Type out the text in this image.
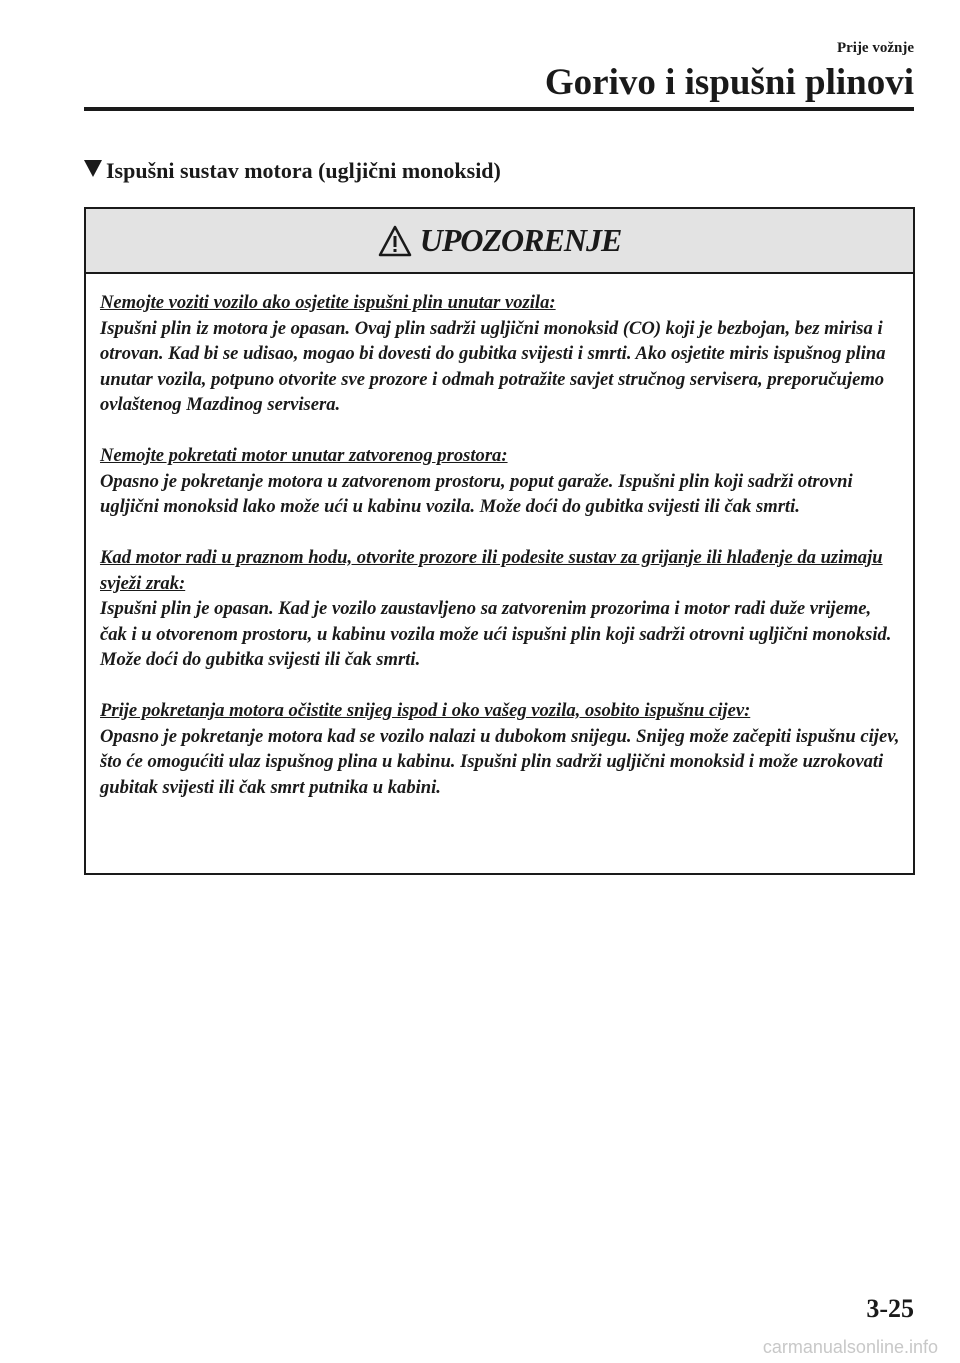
Prije vožnje
Gorivo i ispušni plinovi
Ispušni sustav motora (ugljični monoksid)
UPOZORENJE
Nemojte voziti vozilo ako osjetite ispušni plin unutar vozila:
Ispušni plin iz motora je opasan. Ovaj plin sadrži ugljični monoksid (CO) koji je bezbojan, bez mirisa i otrovan. Kad bi se udisao, mogao bi dovesti do gubitka svijesti i smrti. Ako osjetite miris ispušnog plina unutar vozila, potpuno otvorite sve prozore i odmah potražite savjet stručnog servisera, preporučujemo ovlaštenog Mazdinog servisera.
Nemojte pokretati motor unutar zatvorenog prostora:
Opasno je pokretanje motora u zatvorenom prostoru, poput garaže. Ispušni plin koji sadrži otrovni ugljični monoksid lako može ući u kabinu vozila. Može doći do gubitka svijesti ili čak smrti.
Kad motor radi u praznom hodu, otvorite prozore ili podesite sustav za grijanje ili hlađenje da uzimaju svježi zrak:
Ispušni plin je opasan. Kad je vozilo zaustavljeno sa zatvorenim prozorima i motor radi duže vrijeme, čak i u otvorenom prostoru, u kabinu vozila može ući ispušni plin koji sadrži otrovni ugljični monoksid. Može doći do gubitka svijesti ili čak smrti.
Prije pokretanja motora očistite snijeg ispod i oko vašeg vozila, osobito ispušnu cijev:
Opasno je pokretanje motora kad se vozilo nalazi u dubokom snijegu. Snijeg može začepiti ispušnu cijev, što će omogućiti ulaz ispušnog plina u kabinu. Ispušni plin sadrži ugljični monoksid i može uzrokovati gubitak svijesti ili čak smrt putnika u kabini.
3-25
carmanualsonline.info
